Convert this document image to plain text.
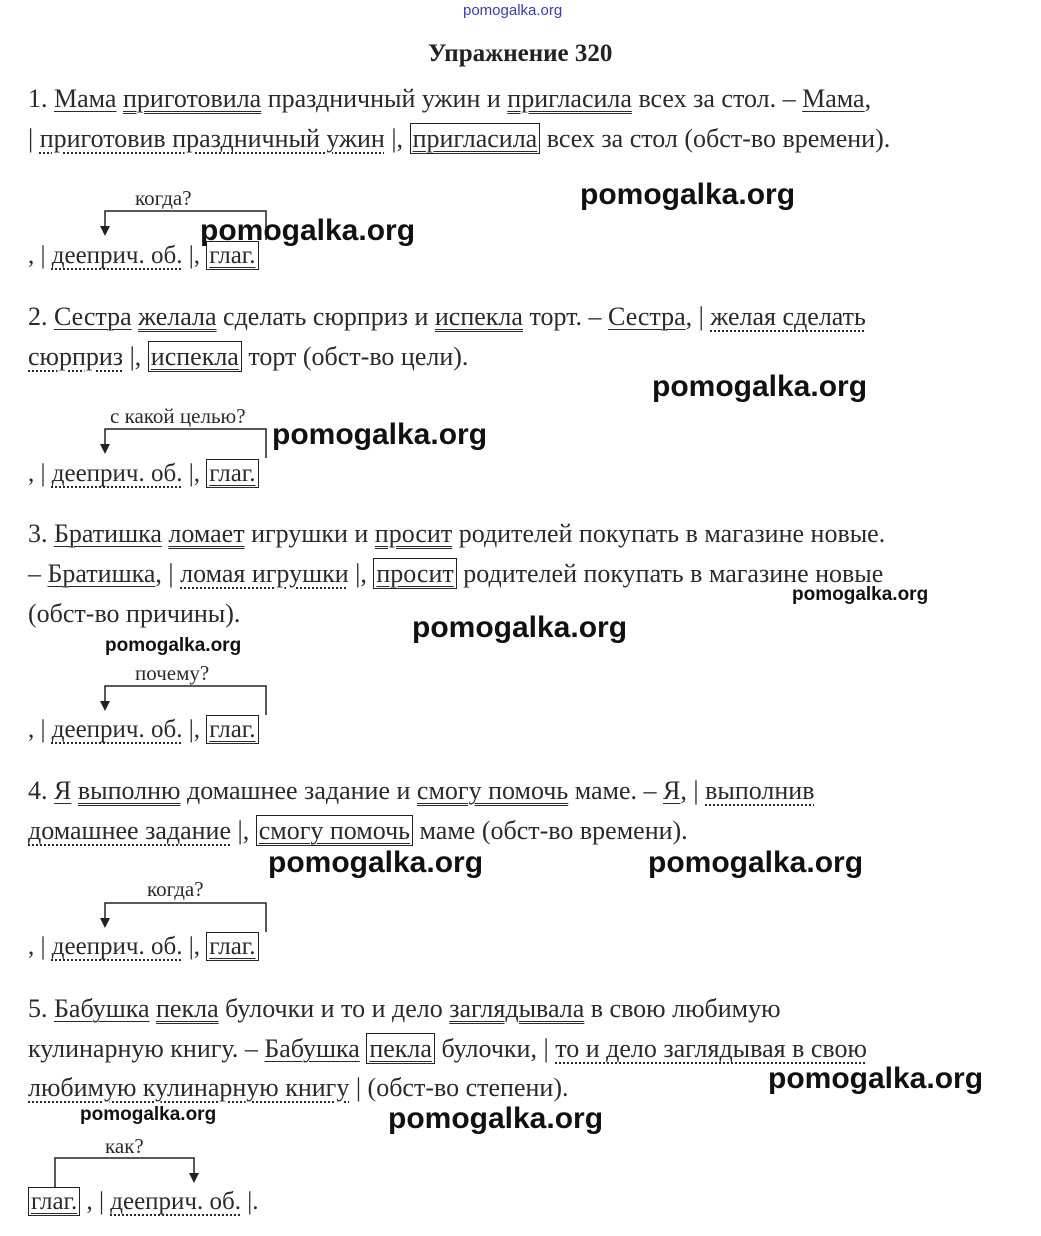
pomogalka.org
Упражнение 320
1. Мама приготовила праздничный ужин и пригласила всех за стол. – Мама,
| приготовив праздничный ужин |, пригласила всех за стол (обст-во времени).
когда?
, | дееприч. об. |, глаг.
2. Сестра желала сделать сюрприз и испекла торт. – Сестра, | желая сделать
сюрприз |, испекла торт (обст-во цели).
с какой целью?
, | дееприч. об. |, глаг.
3. Братишка ломает игрушки и просит родителей покупать в магазине новые.
– Братишка, | ломая игрушки |, просит родителей покупать в магазине новые
(обст-во причины).
почему?
, | дееприч. об. |, глаг.
4. Я выполню домашнее задание и смогу помочь маме. – Я, | выполнив
домашнее задание |, смогу помочь маме (обст-во времени).
когда?
, | дееприч. об. |, глаг.
5. Бабушка пекла булочки и то и дело заглядывала в свою любимую
кулинарную книгу. – Бабушка пекла булочки, | то и дело заглядывая в свою
любимую кулинарную книгу | (обст-во степени).
как?
глаг. , | дееприч. об. |.
pomogalka.org
pomogalka.org
pomogalka.org
pomogalka.org
pomogalka.org
pomogalka.org
pomogalka.org
pomogalka.org	pomogalka.org
pomogalka.org
pomogalka.org	pomogalka.org
